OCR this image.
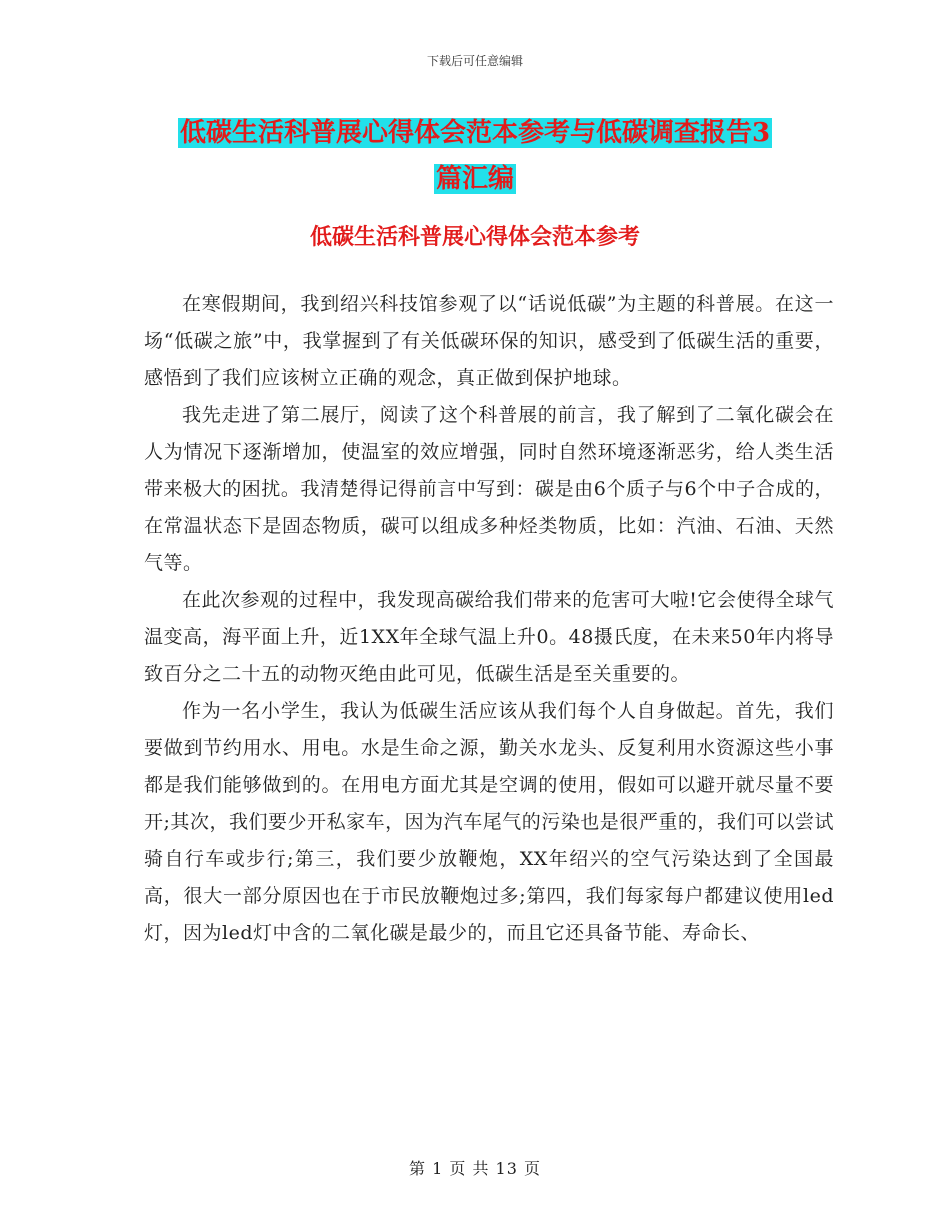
下载后可任意编辑
低碳生活科普展心得体会范本参考与低碳调查报告3
篇汇编
低碳生活科普展心得体会范本参考

在寒假期间，我到绍兴科技馆参观了以“话说低碳”为主题的科普展。在这一场“低碳之旅”中，我掌握到了有关低碳环保的知识，感受到了低碳生活的重要，感悟到了我们应该树立正确的观念，真正做到保护地球。

我先走进了第二展厅，阅读了这个科普展的前言，我了解到了二氧化碳会在人为情况下逐渐增加，使温室的效应增强，同时自然环境逐渐恶劣，给人类生活带来极大的困扰。我清楚得记得前言中写到：碳是由6个质子与6个中子合成的，在常温状态下是固态物质，碳可以组成多种烃类物质，比如：汽油、石油、天然气等。

在此次参观的过程中，我发现高碳给我们带来的危害可大啦!它会使得全球气温变高，海平面上升，近1XX年全球气温上升0。48摄氏度，在未来50年内将导致百分之二十五的动物灭绝由此可见，低碳生活是至关重要的。

作为一名小学生，我认为低碳生活应该从我们每个人自身做起。首先，我们要做到节约用水、用电。水是生命之源，勤关水龙头、反复利用水资源这些小事都是我们能够做到的。在用电方面尤其是空调的使用，假如可以避开就尽量不要开;其次，我们要少开私家车，因为汽车尾气的污染也是很严重的，我们可以尝试骑自行车或步行;第三，我们要少放鞭炮，XX年绍兴的空气污染达到了全国最高，很大一部分原因也在于市民放鞭炮过多;第四，我们每家每户都建议使用led灯，因为led灯中含的二氧化碳是最少的，而且它还具备节能、寿命长、

第 1 页 共 13 页
